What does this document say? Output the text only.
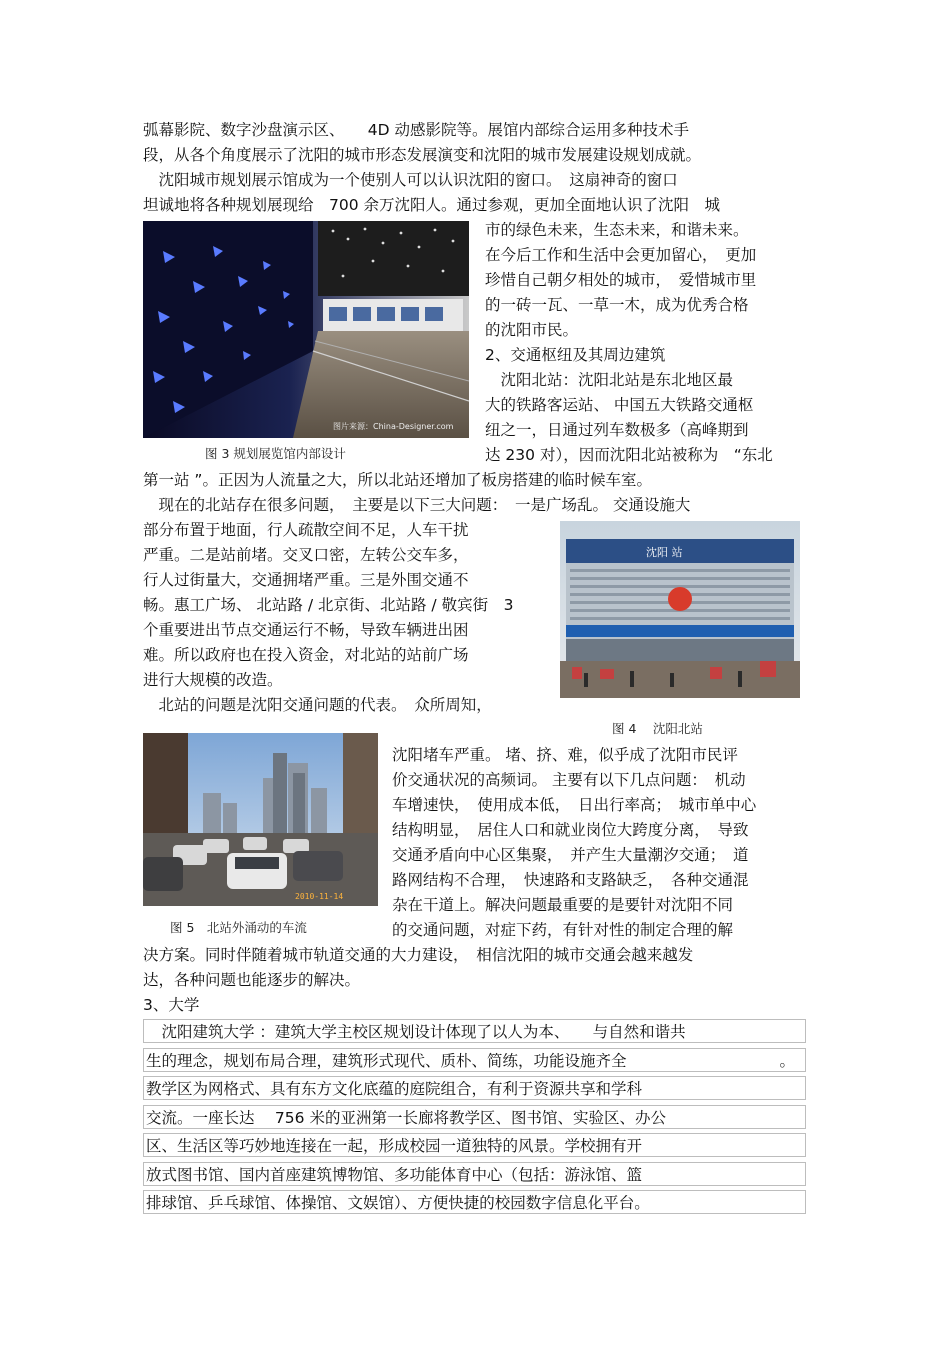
弧幕影院、数字沙盘演示区、　　4D 动感影院等。展馆内部综合运用多种技术手
段，从各个角度展示了沈阳的城市形态发展演变和沈阳的城市发展建设规划成就。
　沈阳城市规划展示馆成为一个使别人可以认识沈阳的窗口。　这扇神奇的窗口
坦诚地将各种规划展现给　700 余万沈阳人。通过参观，更加全面地认识了沈阳　城
市的绿色未来，生态未来，和谐未来。
在今后工作和生活中会更加留心，　更加
珍惜自己朝夕相处的城市，　爱惜城市里
的一砖一瓦、一草一木，成为优秀合格
的沈阳市民。
图片来源：China-Designer.com
图 3 规划展览馆内部设计
2、交通枢纽及其周边建筑
　沈阳北站：沈阳北站是东北地区最
大的铁路客运站、 中国五大铁路交通枢
纽之一，日通过列车数极多（高峰期到
达 230 对），因而沈阳北站被称为　“东北
第一站 ”。正因为人流量之大，所以北站还增加了板房搭建的临时候车室。
　现在的北站存在很多问题，　主要是以下三大问题：　一是广场乱。 交通设施大
部分布置于地面，行人疏散空间不足，人车干扰
严重。二是站前堵。交叉口密，左转公交车多，
行人过街量大，交通拥堵严重。三是外围交通不
畅。惠工广场、 北站路 / 北京街、北站路 / 敬宾街　3
个重要进出节点交通运行不畅，导致车辆进出困
难。所以政府也在投入资金，对北站的站前广场
进行大规模的改造。
沈阳 站
图 4　 沈阳北站
　北站的问题是沈阳交通问题的代表。　众所周知，
沈阳堵车严重。 堵、挤、难，似乎成了沈阳市民评
价交通状况的高频词。 主要有以下几点问题：　机动
车增速快，　使用成本低，　日出行率高；　城市单中心
结构明显，　居住人口和就业岗位大跨度分离，　导致
交通矛盾向中心区集聚，　并产生大量潮汐交通；　道
路网结构不合理，　快速路和支路缺乏，　各种交通混
杂在干道上。解决问题最重要的是要针对沈阳不同
的交通问题，对症下药，有针对性的制定合理的解
决方案。同时伴随着城市轨道交通的大力建设，　相信沈阳的城市交通会越来越发
达，各种问题也能逐步的解决。
2010-11-14
图 5　北站外涌动的车流
3、大学
　沈阳建筑大学 ：建筑大学主校区规划设计体现了以人为本、　　与自然和谐共
生的理念，规划布局合理，建筑形式现代、质朴、简练，功能设施齐全	。
教学区为网格式、具有东方文化底蕴的庭院组合，有利于资源共享和学科
交流。一座长达　 756 米的亚洲第一长廊将教学区、图书馆、实验区、办公
区、生活区等巧妙地连接在一起，形成校园一道独特的风景。学校拥有开
放式图书馆、国内首座建筑博物馆、多功能体育中心（包括：游泳馆、篮
排球馆、乒乓球馆、体操馆、文娱馆）、方便快捷的校园数字信息化平台。
